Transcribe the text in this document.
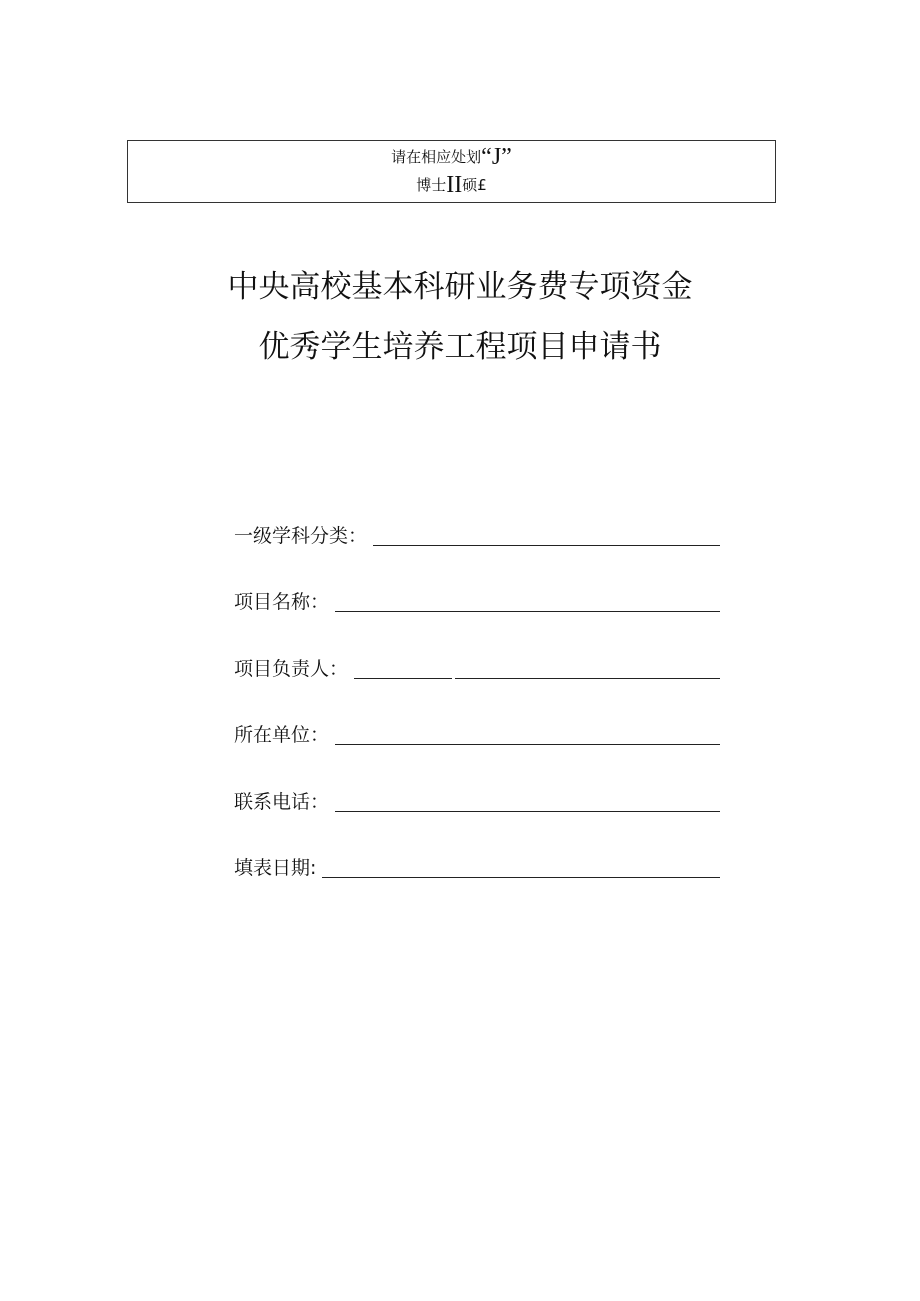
请在相应处划“J”
博士II硕£
中央高校基本科研业务费专项资金
优秀学生培养工程项目申请书
一级学科分类：
项目名称：
项目负责人：
所在单位：
联系电话：
填表日期:
